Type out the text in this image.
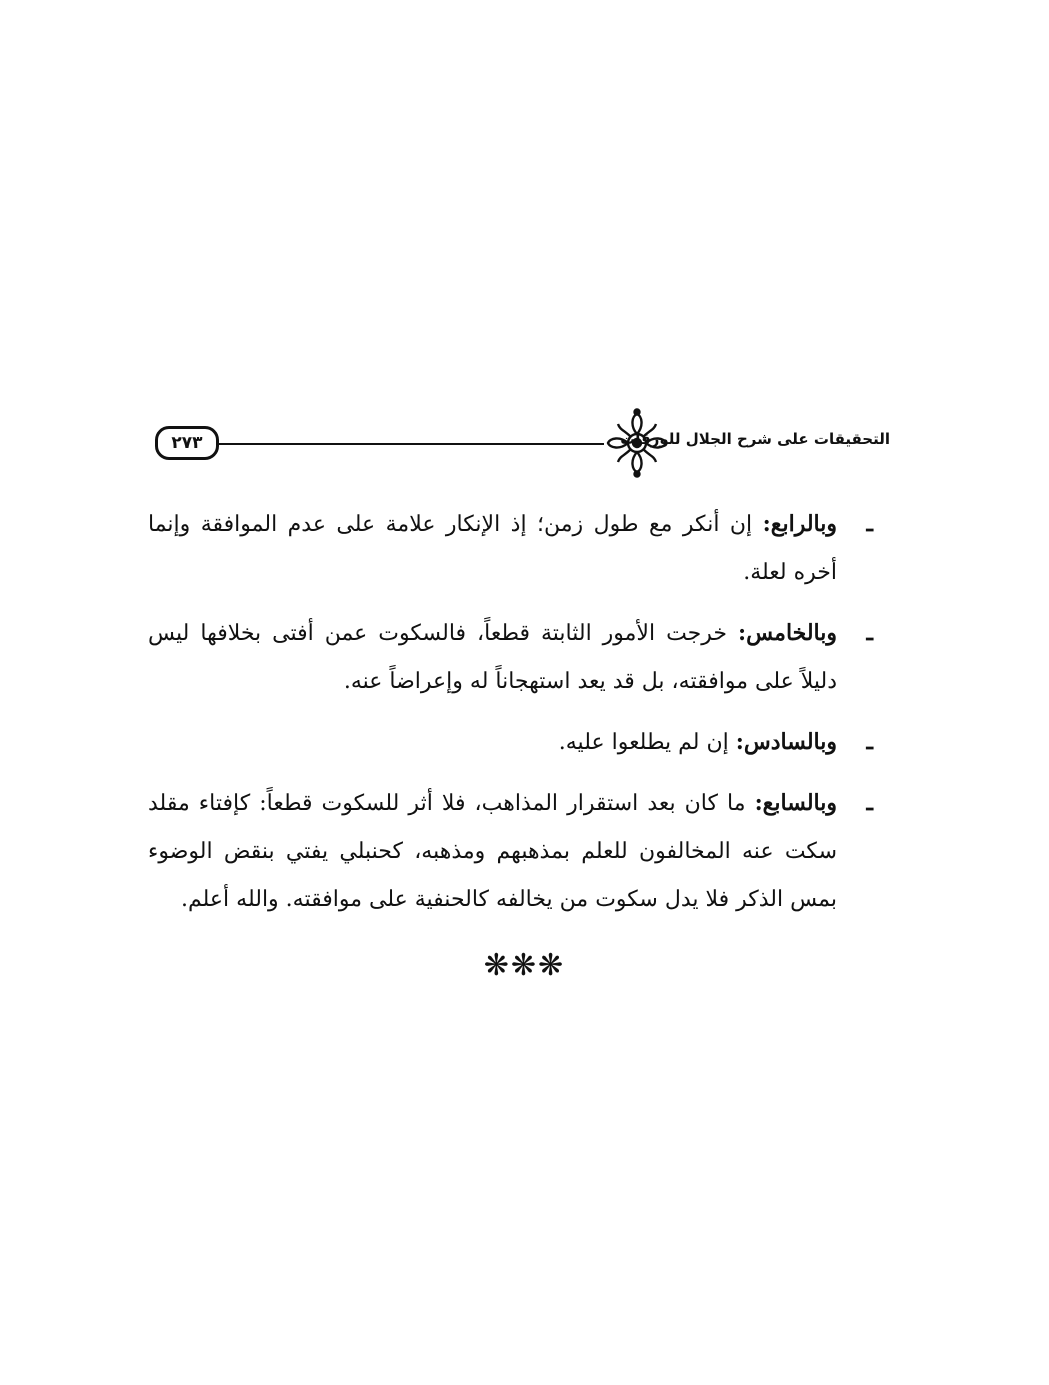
٢٧٣	التحقيقات على شرح الجلال للورقات

ـ
وبالرابع: إن أنكر مع طول زمن؛ إذ الإنكار علامة على عدم الموافقة وإنما أخره لعلة.

ـ
وبالخامس: خرجت الأمور الثابتة قطعاً، فالسكوت عمن أفتى بخلافها ليس دليلاً على موافقته، بل قد يعد استهجاناً له وإعراضاً عنه.

ـ
وبالسادس: إن لم يطلعوا عليه.

ـ
وبالسابع: ما كان بعد استقرار المذاهب، فلا أثر للسكوت قطعاً: كإفتاء مقلد سكت عنه المخالفون للعلم بمذهبهم ومذهبه، كحنبلي يفتي بنقض الوضوء بمس الذكر فلا يدل سكوت من يخالفه كالحنفية على موافقته. والله أعلم.

❋❋❋
